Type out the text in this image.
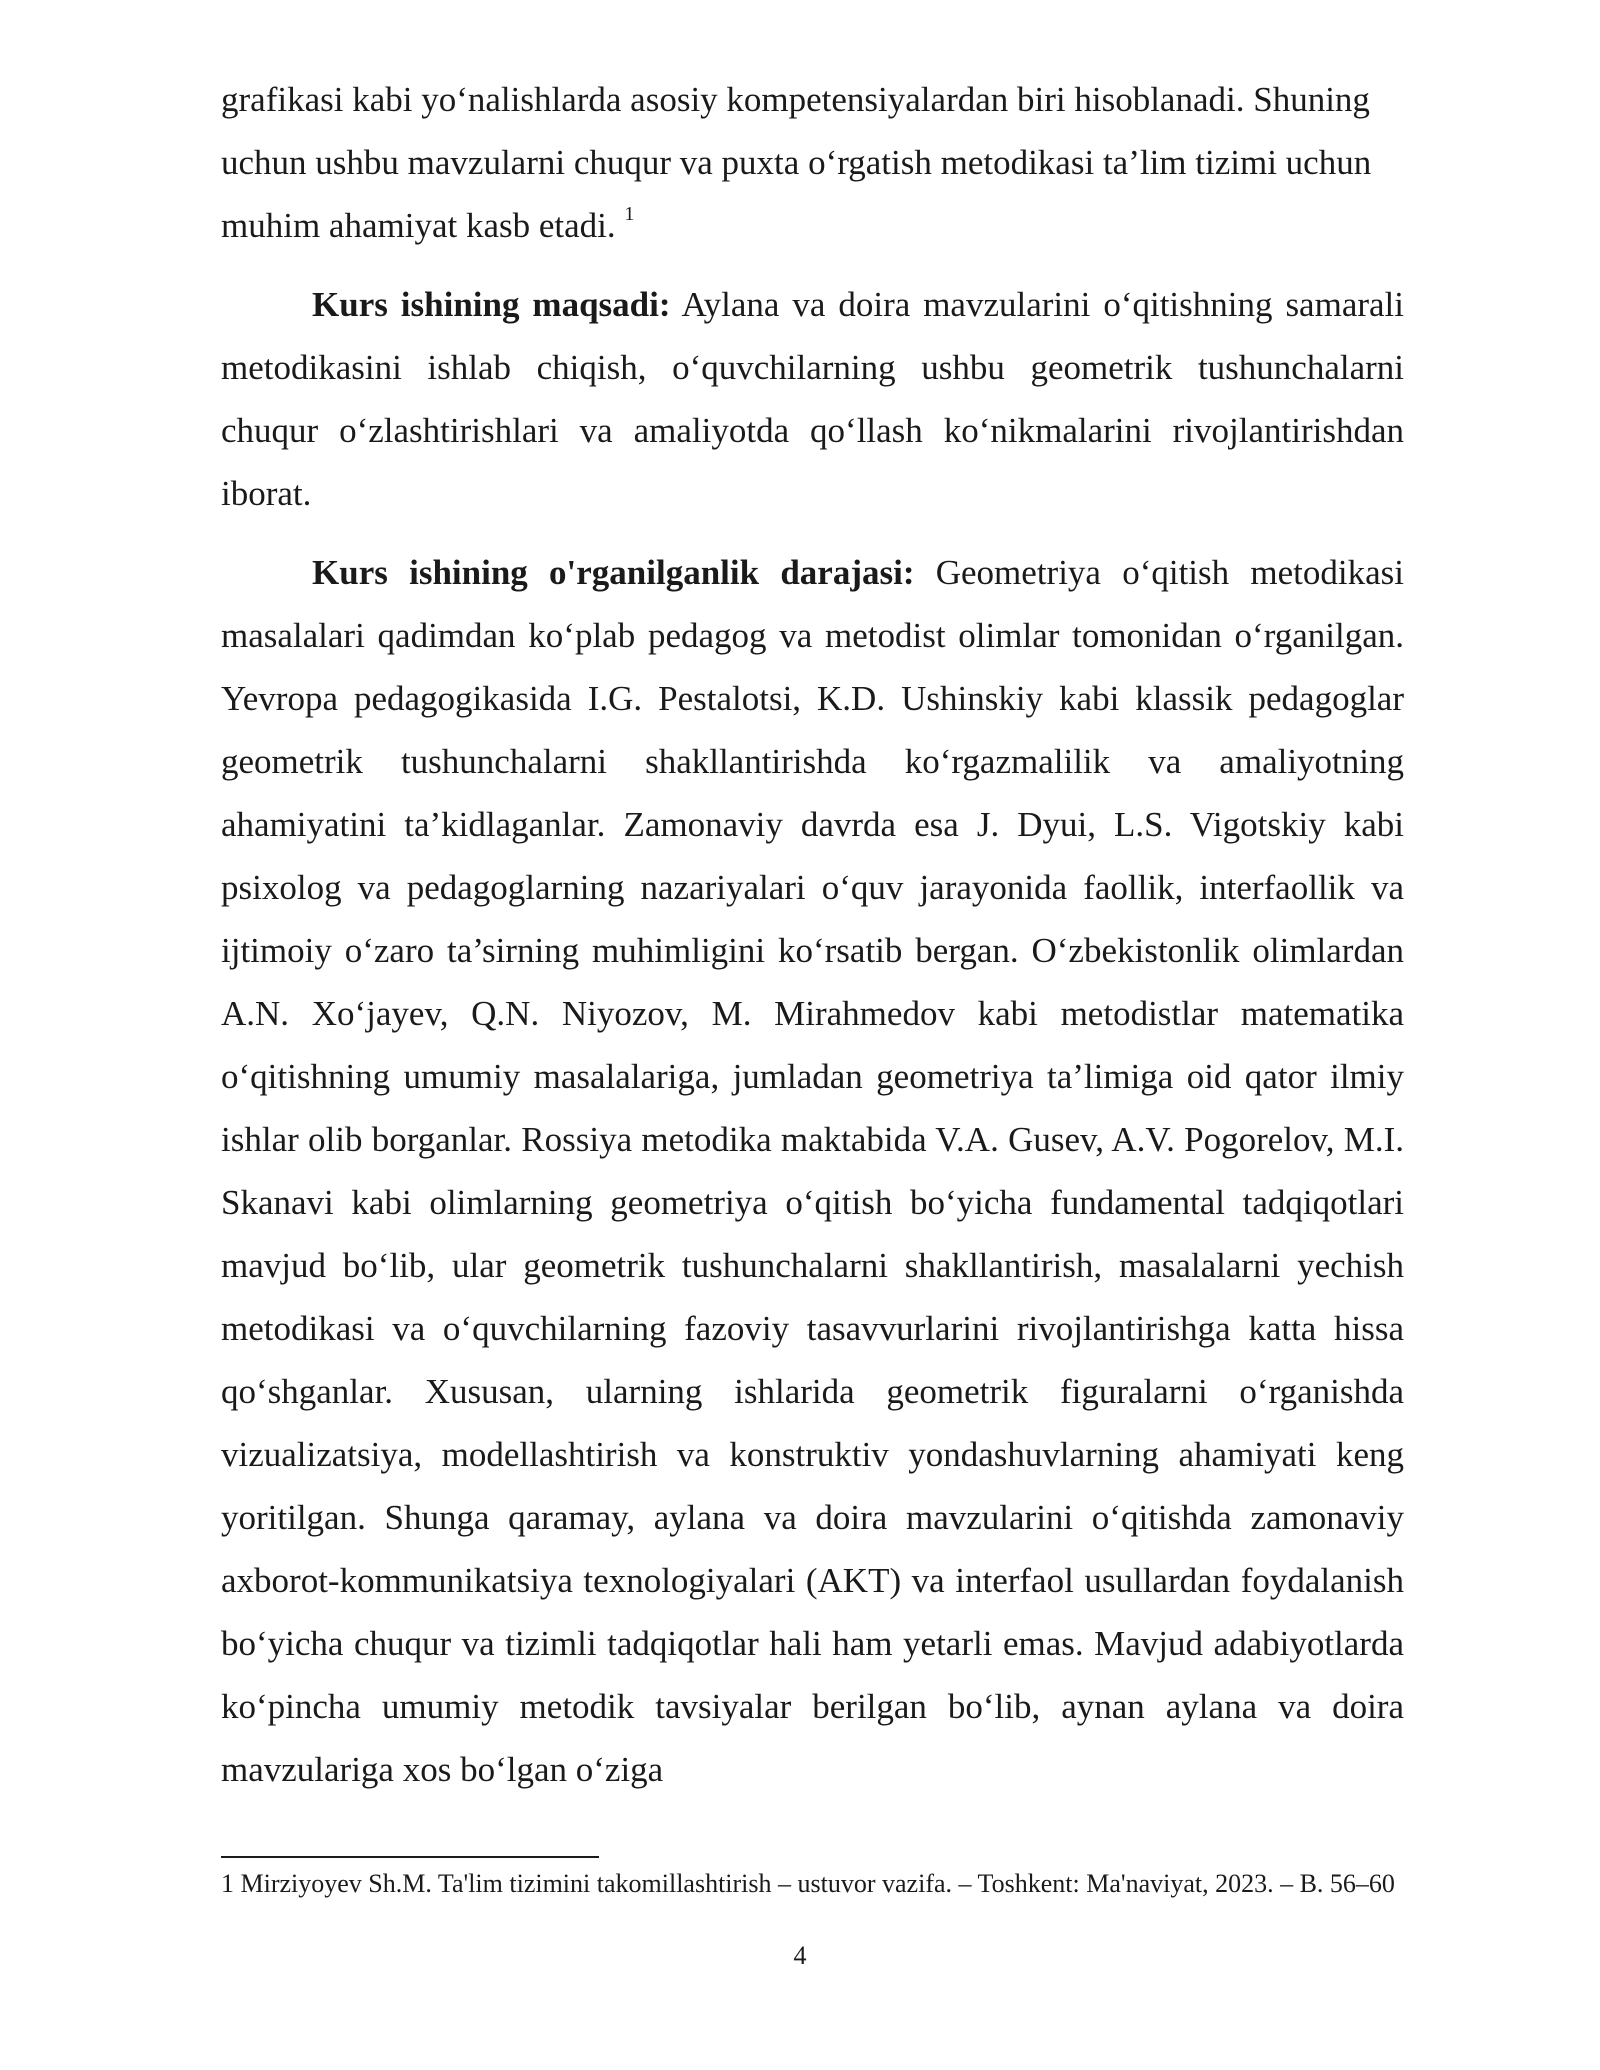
grafikasi kabi yo‘nalishlarda asosiy kompetensiyalardan biri hisoblanadi. Shuning uchun ushbu mavzularni chuqur va puxta o‘rgatish metodikasi ta’lim tizimi uchun muhim ahamiyat kasb etadi. $^1$

Kurs ishining maqsadi: Aylana va doira mavzularini o‘qitishning samarali metodikasini ishlab chiqish, o‘quvchilarning ushbu geometrik tushunchalarni chuqur o‘zlashtirishlari va amaliyotda qo‘llash ko‘nikmalarini rivojlantirishdan iborat.

Kurs ishining o'rganilganlik darajasi: Geometriya o‘qitish metodikasi masalalari qadimdan ko‘plab pedagog va metodist olimlar tomonidan o‘rganilgan. Yevropa pedagogikasida I.G. Pestalotsi, K.D. Ushinskiy kabi klassik pedagoglar geometrik tushunchalarni shakllantirishda ko‘rgazmalilik va amaliyotning ahamiyatini ta’kidlaganlar. Zamonaviy davrda esa J. Dyui, L.S. Vigotskiy kabi psixolog va pedagoglarning nazariyalari o‘quv jarayonida faollik, interfaollik va ijtimoiy o‘zaro ta’sirning muhimligini ko‘rsatib bergan. O‘zbekistonlik olimlardan A.N. Xo‘jayev, Q.N. Niyozov, M. Mirahmedov kabi metodistlar matematika o‘qitishning umumiy masalalariga, jumladan geometriya ta’limiga oid qator ilmiy ishlar olib borganlar. Rossiya metodika maktabida V.A. Gusev, A.V. Pogorelov, M.I. Skanavi kabi olimlarning geometriya o‘qitish bo‘yicha fundamental tadqiqotlari mavjud bo‘lib, ular geometrik tushunchalarni shakllantirish, masalalarni yechish metodikasi va o‘quvchilarning fazoviy tasavvurlarini rivojlantirishga katta hissa qo‘shganlar. Xususan, ularning ishlarida geometrik figuralarni o‘rganishda vizualizatsiya, modellashtirish va konstruktiv yondashuvlarning ahamiyati keng yoritilgan. Shunga qaramay, aylana va doira mavzularini o‘qitishda zamonaviy axborot-kommunikatsiya texnologiyalari (AKT) va interfaol usullardan foydalanish bo‘yicha chuqur va tizimli tadqiqotlar hali ham yetarli emas. Mavjud adabiyotlarda ko‘pincha umumiy metodik tavsiyalar berilgan bo‘lib, aynan aylana va doira mavzulariga xos bo‘lgan o‘ziga

1 Mirziyoyev Sh.M. Ta'lim tizimini takomillashtirish – ustuvor vazifa. – Toshkent: Ma'naviyat, 2023. – B. 56–60
4
